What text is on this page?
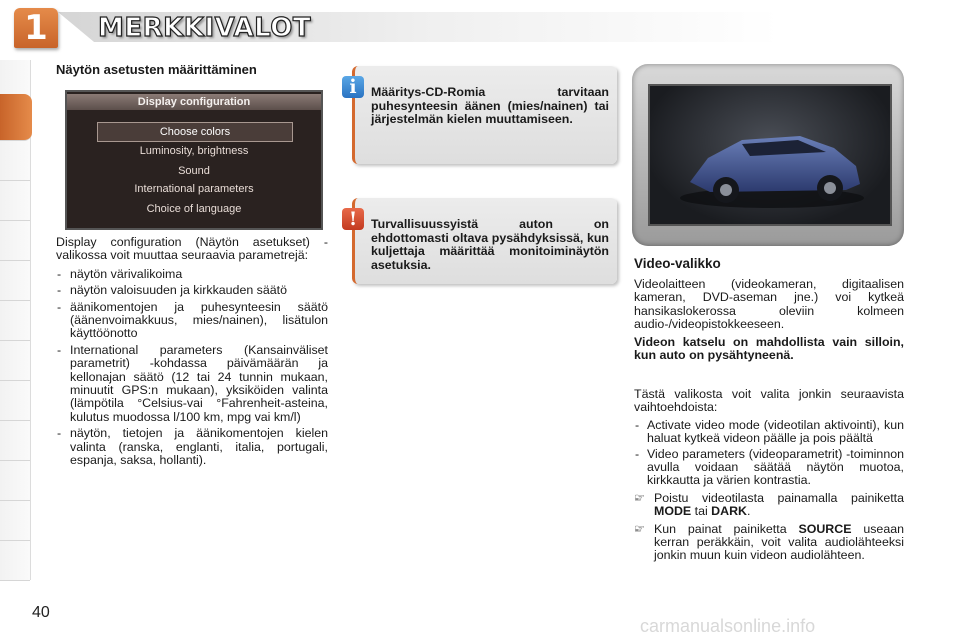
1	MERKKIVALOT
Näytön asetusten määrittäminen
Display configuration
Choose colors
Luminosity, brightness
Sound
International parameters
Choice of language

Display configuration (Näytön asetukset) -valikossa voit muuttaa seuraavia parametrejä:

- näytön värivalikoima
- näytön valoisuuden ja kirkkauden säätö
- äänikomentojen ja puhesynteesin säätö (äänenvoimakkuus, mies/nainen), lisätulon käyttöönotto
- International parameters (Kansainväliset parametrit) -kohdassa päivämäärän ja kellonajan säätö (12 tai 24 tunnin mukaan, minuutit GPS:n mukaan), yksiköiden valinta (lämpötila °Celsius-vai °Fahrenheit-asteina, kulutus muodossa l/100 km, mpg vai km/l)
- näytön, tietojen ja äänikomentojen kielen valinta (ranska, englanti, italia, portugali, espanja, saksa, hollanti).
Määritys-CD-Romia tarvitaan puhesynteesin äänen (mies/nainen) tai järjestelmän kielen muuttamiseen.
i
Turvallisuussyistä auton on ehdottomasti oltava pysähdyksissä, kun kuljettaja määrittää monitoiminäytön asetuksia.
!
Video-valikko

Videolaitteen (videokameran, digitaalisen kameran, DVD-aseman jne.) voi kytkeä hansikaslokerossa oleviin kolmeen audio-/videopistokkeeseen.

Videon katselu on mahdollista vain silloin, kun auto on pysähtyneenä.

Tästä valikosta voit valita jonkin seuraavista vaihtoehdoista:

- Activate video mode (videotilan aktivointi), kun haluat kytkeä videon päälle ja pois päältä
- Video parameters (videoparametrit) -toiminnon avulla voidaan säätää näytön muotoa, kirkkautta ja värien kontrastia.
- ☞ Poistu videotilasta painamalla painiketta MODE tai DARK.
- ☞ Kun painat painiketta SOURCE useaan kerran peräkkäin, voit valita audiolähteeksi jonkin muun kuin videon audiolähteen.
40
carmanualsonline.info
